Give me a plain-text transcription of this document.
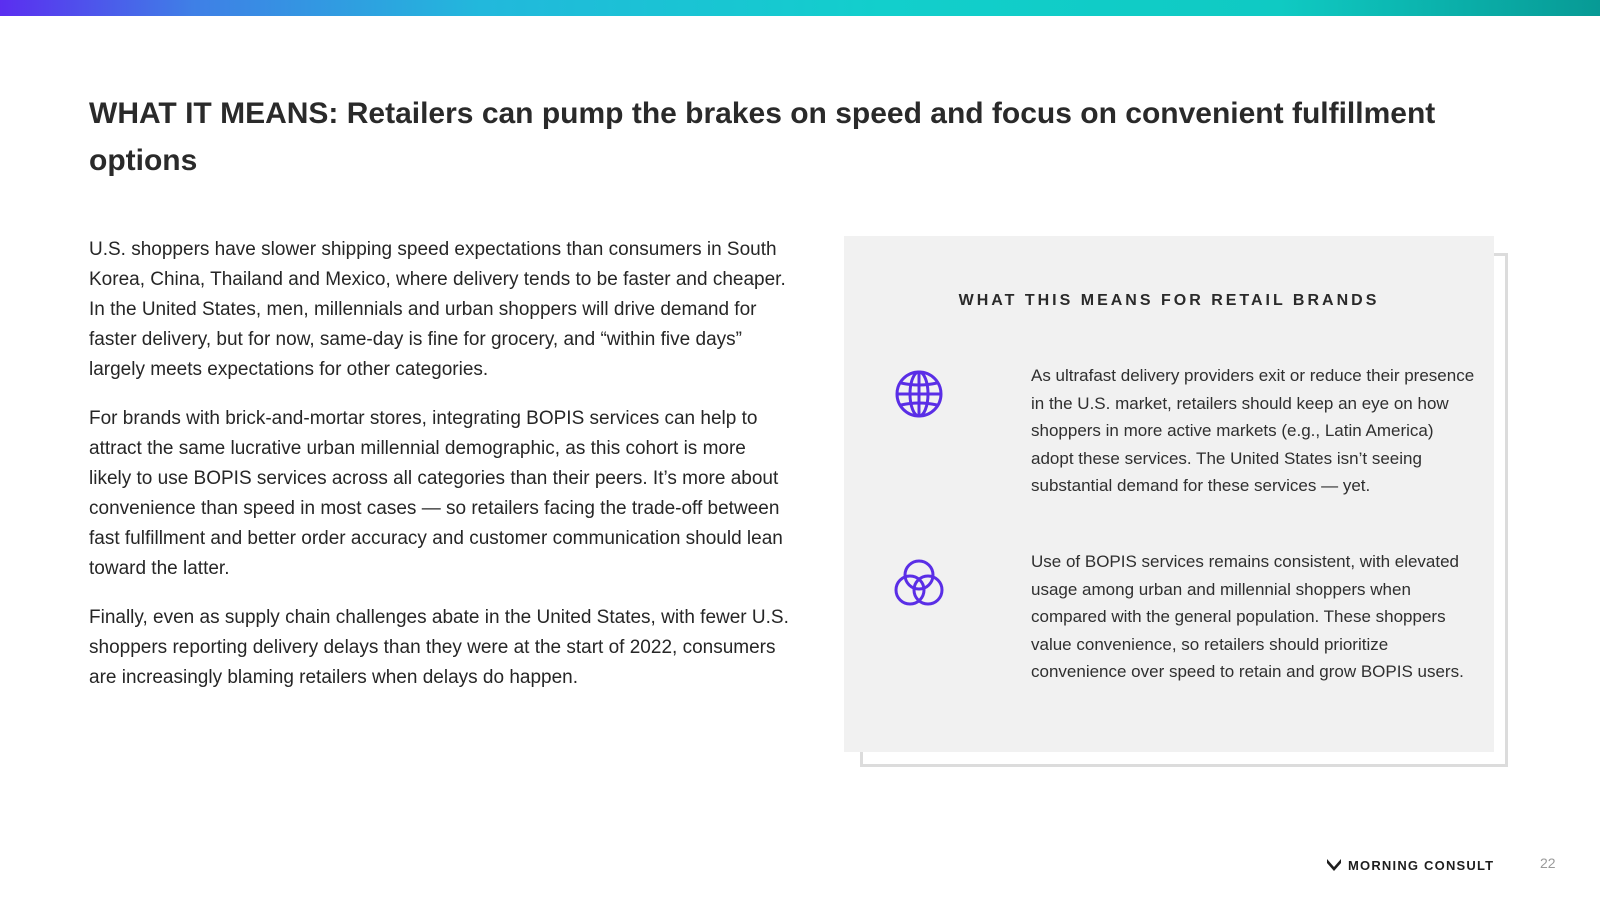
WHAT IT MEANS: Retailers can pump the brakes on speed and focus on convenient fulfillment options

U.S. shoppers have slower shipping speed expectations than consumers in South Korea, China, Thailand and Mexico, where delivery tends to be faster and cheaper. In the United States, men, millennials and urban shoppers will drive demand for faster delivery, but for now, same-day is fine for grocery, and “within five days” largely meets expectations for other categories.

For brands with brick-and-mortar stores, integrating BOPIS services can help to attract the same lucrative urban millennial demographic, as this cohort is more likely to use BOPIS services across all categories than their peers. It’s more about convenience than speed in most cases — so retailers facing the trade-off between fast fulfillment and better order accuracy and customer communication should lean toward the latter.

Finally, even as supply chain challenges abate in the United States, with fewer U.S. shoppers reporting delivery delays than they were at the start of 2022, consumers are increasingly blaming retailers when delays do happen.

WHAT THIS MEANS FOR RETAIL BRANDS

As ultrafast delivery providers exit or reduce their presence in the U.S. market, retailers should keep an eye on how shoppers in more active markets (e.g., Latin America) adopt these services. The United States isn’t seeing substantial demand for these services — yet.

Use of BOPIS services remains consistent, with elevated usage among urban and millennial shoppers when compared with the general population. These shoppers value convenience, so retailers should prioritize convenience over speed to retain and grow BOPIS users.

MORNING CONSULT	22
